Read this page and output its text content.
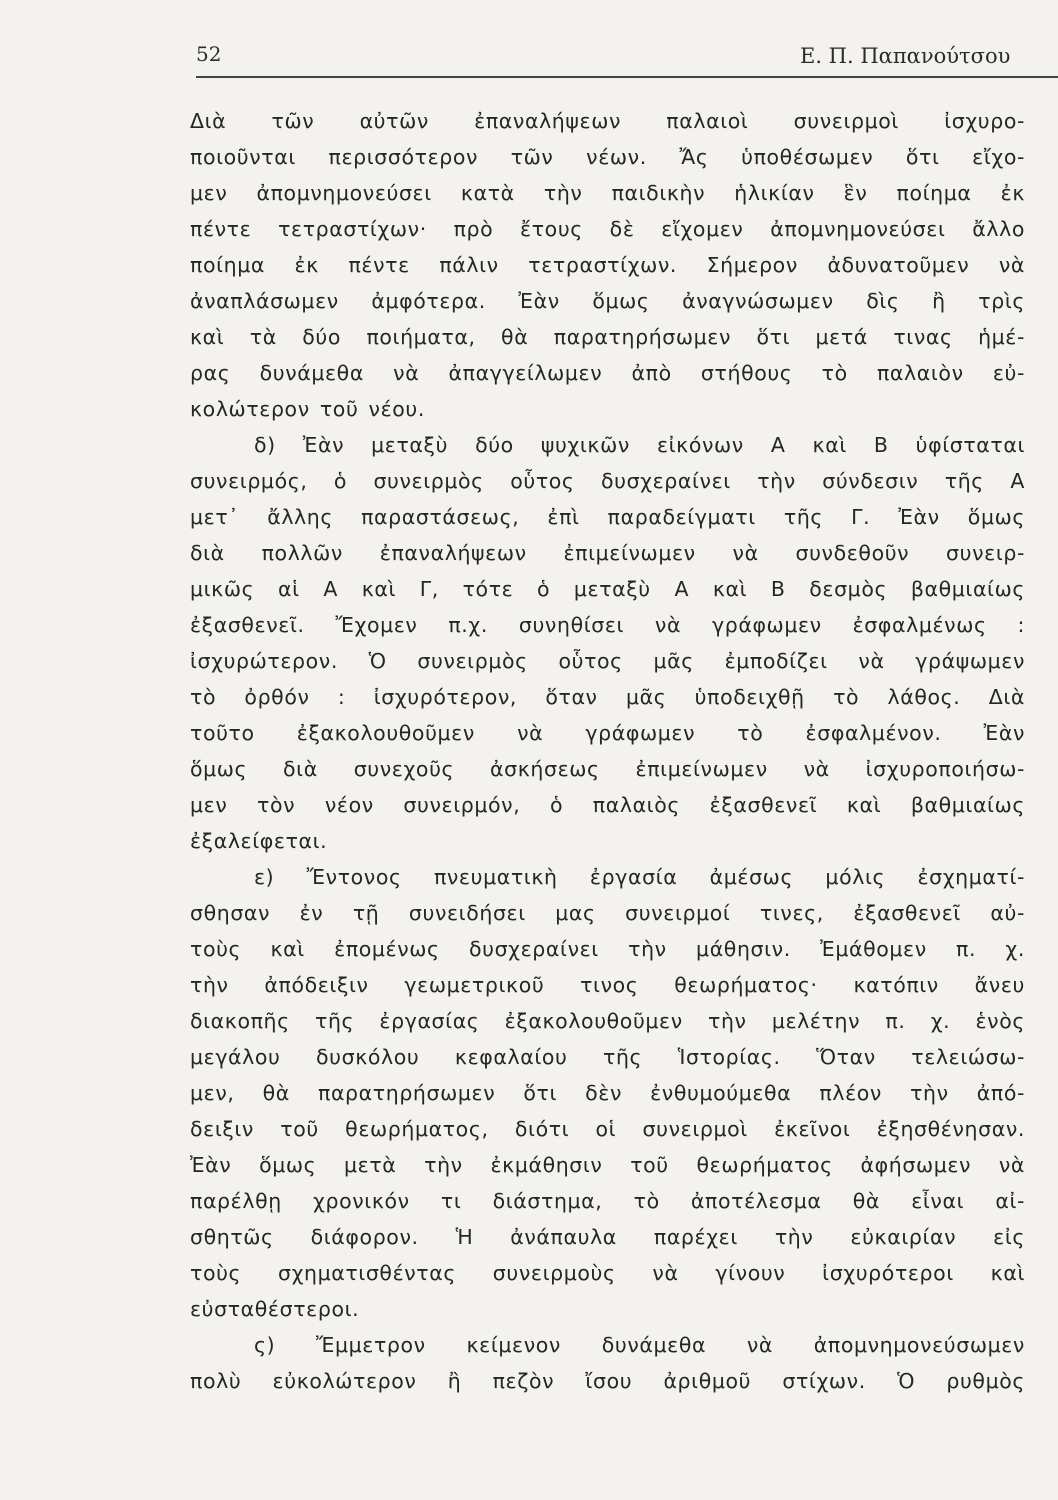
52	Ε. Π. Παπανούτσου
Διὰ τῶν αὐτῶν ἐπαναλήψεων παλαιοὶ συνειρμοὶ ἰσχυρο-
ποιοῦνται περισσότερον τῶν νέων. Ἄς ὑποθέσωμεν ὅτι εἴχο-
μεν ἀπομνημονεύσει κατὰ τὴν παιδικὴν ἡλικίαν ἓν ποίημα ἐκ
πέντε τετραστίχων· πρὸ ἔτους δὲ εἴχομεν ἀπομνημονεύσει ἄλλο
ποίημα ἐκ πέντε πάλιν τετραστίχων. Σήμερον ἀδυνατοῦμεν νὰ
ἀναπλάσωμεν ἀμφότερα. Ἐὰν ὅμως ἀναγνώσωμεν δὶς ἢ τρὶς
καὶ τὰ δύο ποιήματα, θὰ παρατηρήσωμεν ὅτι μετά τινας ἡμέ-
ρας δυνάμεθα νὰ ἀπαγγείλωμεν ἀπὸ στήθους τὸ παλαιὸν εὐ-
κολώτερον τοῦ νέου.
δ) Ἐὰν μεταξὺ δύο ψυχικῶν εἰκόνων Α καὶ Β ὑφίσταται
συνειρμός, ὁ συνειρμὸς οὗτος δυσχεραίνει τὴν σύνδεσιν τῆς Α
μετ᾽ ἄλλης παραστάσεως, ἐπὶ παραδείγματι τῆς Γ. Ἐὰν ὅμως
διὰ πολλῶν ἐπαναλήψεων ἐπιμείνωμεν νὰ συνδεθοῦν συνειρ-
μικῶς αἱ Α καὶ Γ, τότε ὁ μεταξὺ Α καὶ Β δεσμὸς βαθμιαίως
ἐξασθενεῖ. Ἔχομεν π.χ. συνηθίσει νὰ γράφωμεν ἐσφαλμένως :
ἰσχυρώτερον. Ὁ συνειρμὸς οὗτος μᾶς ἐμποδίζει νὰ γράψωμεν
τὸ ὀρθόν : ἰσχυρότερον, ὅταν μᾶς ὑποδειχθῇ τὸ λάθος. Διὰ
τοῦτο ἐξακολουθοῦμεν νὰ γράφωμεν τὸ ἐσφαλμένον. Ἐὰν
ὅμως διὰ συνεχοῦς ἀσκήσεως ἐπιμείνωμεν νὰ ἰσχυροποιήσω-
μεν τὸν νέον συνειρμόν, ὁ παλαιὸς ἐξασθενεῖ καὶ βαθμιαίως
ἐξαλείφεται.
ε) Ἔντονος πνευματικὴ ἐργασία ἀμέσως μόλις ἐσχηματί-
σθησαν ἐν τῇ συνειδήσει μας συνειρμοί τινες, ἐξασθενεῖ αὐ-
τοὺς καὶ ἐπομένως δυσχεραίνει τὴν μάθησιν. Ἐμάθομεν π. χ.
τὴν ἀπόδειξιν γεωμετρικοῦ τινος θεωρήματος· κατόπιν ἄνευ
διακοπῆς τῆς ἐργασίας ἐξακολουθοῦμεν τὴν μελέτην π. χ. ἑνὸς
μεγάλου δυσκόλου κεφαλαίου τῆς Ἱστορίας. Ὅταν τελειώσω-
μεν, θὰ παρατηρήσωμεν ὅτι δὲν ἐνθυμούμεθα πλέον τὴν ἀπό-
δειξιν τοῦ θεωρήματος, διότι οἱ συνειρμοὶ ἐκεῖνοι ἐξησθένησαν.
Ἐὰν ὅμως μετὰ τὴν ἐκμάθησιν τοῦ θεωρήματος ἀφήσωμεν νὰ
παρέλθῃ χρονικόν τι διάστημα, τὸ ἀποτέλεσμα θὰ εἶναι αἰ-
σθητῶς διάφορον. Ἡ ἀνάπαυλα παρέχει τὴν εὐκαιρίαν εἰς
τοὺς σχηματισθέντας συνειρμοὺς νὰ γίνουν ἰσχυρότεροι καὶ
εὐσταθέστεροι.
ς) Ἔμμετρον κείμενον δυνάμεθα νὰ ἀπομνημονεύσωμεν
πολὺ εὐκολώτερον ἢ πεζὸν ἴσου ἀριθμοῦ στίχων. Ὁ ρυθμὸς
